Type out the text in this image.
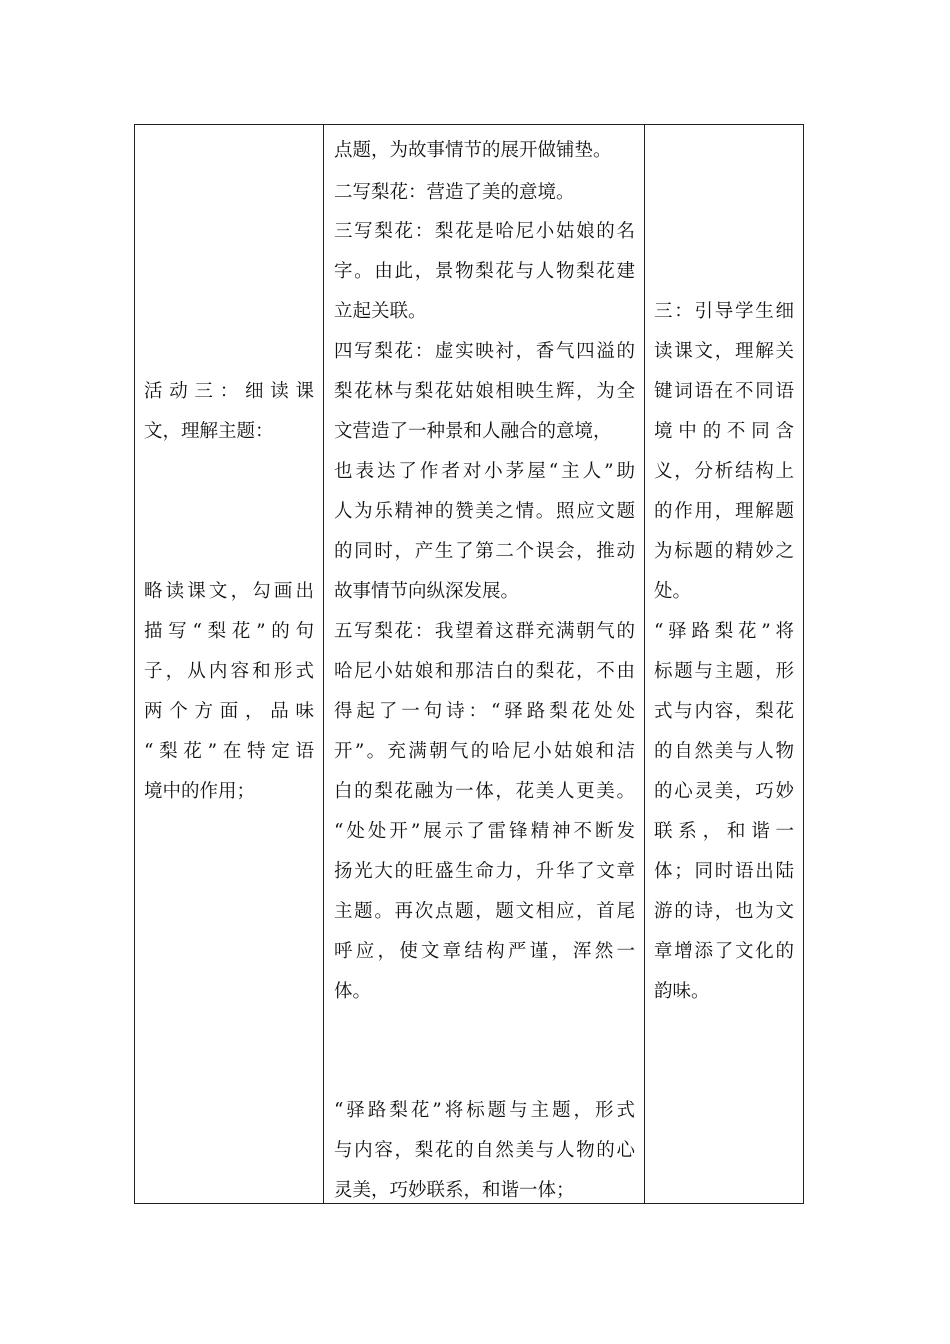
活动三：细读课
文，理解主题：
略读课文，勾画出
描写“梨花”的句
子，从内容和形式
两个方面，品味
“梨花”在特定语
境中的作用；
点题，为故事情节的展开做铺垫。
二写梨花：营造了美的意境。
三写梨花：梨花是哈尼小姑娘的名
字。由此，景物梨花与人物梨花建
立起关联。
四写梨花：虚实映衬，香气四溢的
梨花林与梨花姑娘相映生辉，为全
文营造了一种景和人融合的意境，
也表达了作者对小茅屋“主人”助
人为乐精神的赞美之情。照应文题
的同时，产生了第二个误会，推动
故事情节向纵深发展。
五写梨花：我望着这群充满朝气的
哈尼小姑娘和那洁白的梨花，不由
得起了一句诗：“驿路梨花处处
开”。充满朝气的哈尼小姑娘和洁
白的梨花融为一体，花美人更美。
“处处开”展示了雷锋精神不断发
扬光大的旺盛生命力，升华了文章
主题。再次点题，题文相应，首尾
呼应，使文章结构严谨，浑然一
体。
“驿路梨花”将标题与主题，形式
与内容，梨花的自然美与人物的心
灵美，巧妙联系，和谐一体；
三：引导学生细
读课文，理解关
键词语在不同语
境中的不同含
义，分析结构上
的作用，理解题
为标题的精妙之
处。
“驿路梨花”将
标题与主题，形
式与内容，梨花
的自然美与人物
的心灵美，巧妙
联系，和谐一
体；同时语出陆
游的诗，也为文
章增添了文化的
韵味。
